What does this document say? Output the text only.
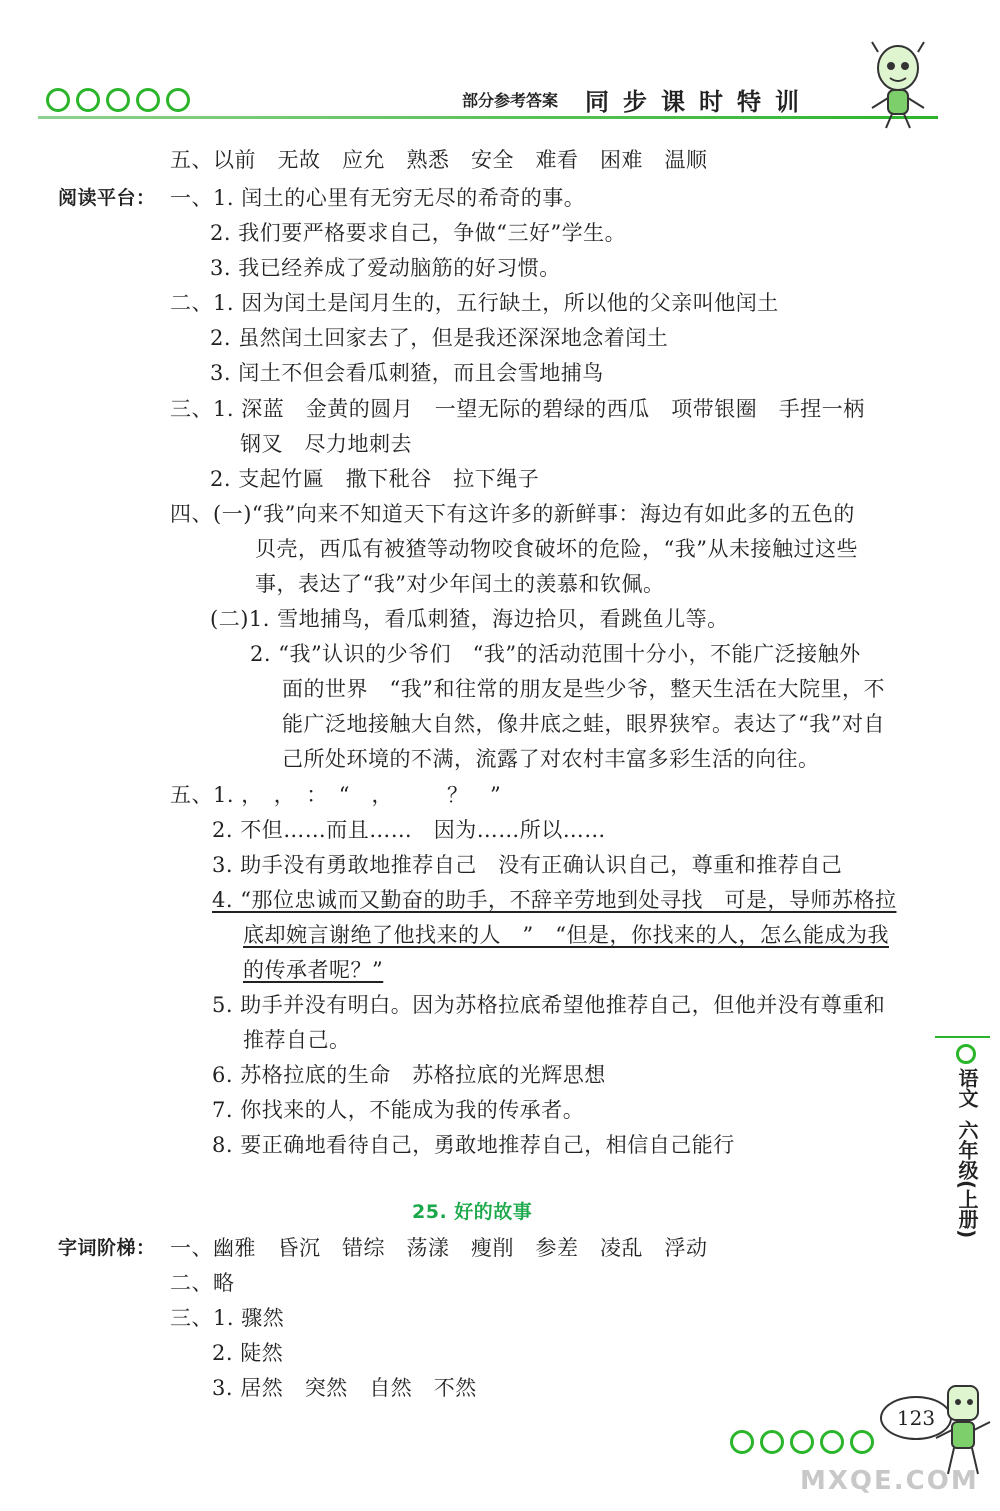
部分参考答案 同步课时特训
语文
六年级(上册)
五、以前　无故　应允　熟悉　安全　难看　困难　温顺
阅读平台： 一、1. 闰土的心里有无穷无尽的希奇的事。
2. 我们要严格要求自己，争做“三好”学生。
3. 我已经养成了爱动脑筋的好习惯。
二、1. 因为闰土是闰月生的，五行缺土，所以他的父亲叫他闰土
2. 虽然闰土回家去了，但是我还深深地念着闰土
3. 闰土不但会看瓜刺猹，而且会雪地捕鸟
三、1. 深蓝　金黄的圆月　一望无际的碧绿的西瓜　项带银圈　手捏一柄
钢叉　尽力地刺去
2. 支起竹匾　撒下秕谷　拉下绳子
四、(一)“我”向来不知道天下有这许多的新鲜事：海边有如此多的五色的
贝壳，西瓜有被猹等动物咬食破坏的危险，“我”从未接触过这些
事，表达了“我”对少年闰土的羡慕和钦佩。
(二)1. 雪地捕鸟，看瓜刺猹，海边拾贝，看跳鱼儿等。
2. “我”认识的少爷们　“我”的活动范围十分小，不能广泛接触外
面的世界　“我”和往常的朋友是些少爷，整天生活在大院里，不
能广泛地接触大自然，像井底之蛙，眼界狭窄。表达了“我”对自
己所处环境的不满，流露了对农村丰富多彩生活的向往。
五、1. ，　，　：　“　，　　　？　”
2. 不但……而且……　因为……所以……
3. 助手没有勇敢地推荐自己　没有正确认识自己，尊重和推荐自己
4. “那位忠诚而又勤奋的助手，不辞辛劳地到处寻找　可是，导师苏格拉
底却婉言谢绝了他找来的人　”　“但是，你找来的人，怎么能成为我
的传承者呢？”
5. 助手并没有明白。因为苏格拉底希望他推荐自己，但他并没有尊重和
推荐自己。
6. 苏格拉底的生命　苏格拉底的光辉思想
7. 你找来的人，不能成为我的传承者。
8. 要正确地看待自己，勇敢地推荐自己，相信自己能行
25. 好的故事
字词阶梯： 一、幽雅　昏沉　错综　荡漾　瘦削　参差　凌乱　浮动
二、略
三、1. 骤然
2. 陡然
3. 居然　突然　自然　不然
123
MXQE.COM
